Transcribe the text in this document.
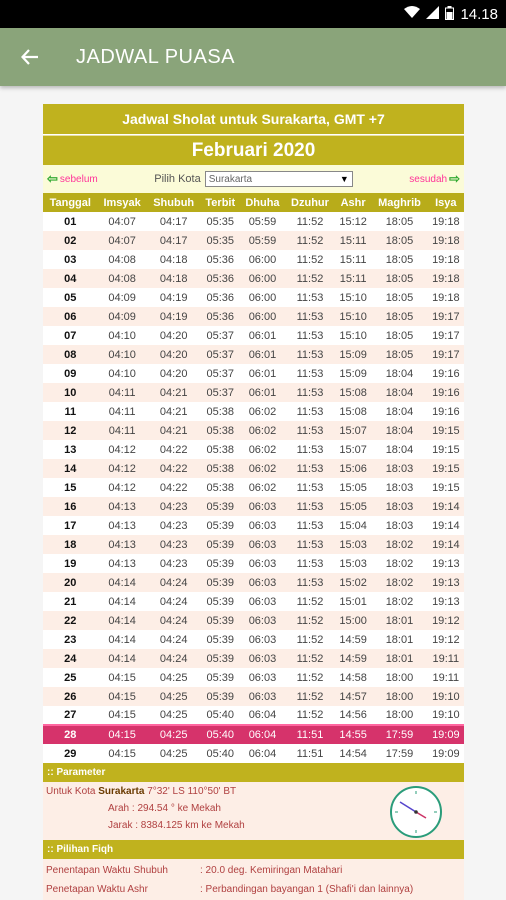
14.18
JADWAL PUASA
Jadwal Sholat untuk Surakarta, GMT +7
Februari 2020
⇦ sebelum	Pilih Kota Surakarta	▼	sesudah ⇨
Tanggal	Imsyak	Shubuh	Terbit	Dhuha	Dzuhur	Ashr	Maghrib	Isya
01	04:07	04:17	05:35	05:59	11:52	15:12	18:05	19:18
02	04:07	04:17	05:35	05:59	11:52	15:11	18:05	19:18
03	04:08	04:18	05:36	06:00	11:52	15:11	18:05	19:18
04	04:08	04:18	05:36	06:00	11:52	15:11	18:05	19:18
05	04:09	04:19	05:36	06:00	11:53	15:10	18:05	19:18
06	04:09	04:19	05:36	06:00	11:53	15:10	18:05	19:17
07	04:10	04:20	05:37	06:01	11:53	15:10	18:05	19:17
08	04:10	04:20	05:37	06:01	11:53	15:09	18:05	19:17
09	04:10	04:20	05:37	06:01	11:53	15:09	18:04	19:16
10	04:11	04:21	05:37	06:01	11:53	15:08	18:04	19:16
11	04:11	04:21	05:38	06:02	11:53	15:08	18:04	19:16
12	04:11	04:21	05:38	06:02	11:53	15:07	18:04	19:15
13	04:12	04:22	05:38	06:02	11:53	15:07	18:04	19:15
14	04:12	04:22	05:38	06:02	11:53	15:06	18:03	19:15
15	04:12	04:22	05:38	06:02	11:53	15:05	18:03	19:15
16	04:13	04:23	05:39	06:03	11:53	15:05	18:03	19:14
17	04:13	04:23	05:39	06:03	11:53	15:04	18:03	19:14
18	04:13	04:23	05:39	06:03	11:53	15:03	18:02	19:14
19	04:13	04:23	05:39	06:03	11:53	15:03	18:02	19:13
20	04:14	04:24	05:39	06:03	11:53	15:02	18:02	19:13
21	04:14	04:24	05:39	06:03	11:52	15:01	18:02	19:13
22	04:14	04:24	05:39	06:03	11:52	15:00	18:01	19:12
23	04:14	04:24	05:39	06:03	11:52	14:59	18:01	19:12
24	04:14	04:24	05:39	06:03	11:52	14:59	18:01	19:11
25	04:15	04:25	05:39	06:03	11:52	14:58	18:00	19:11
26	04:15	04:25	05:39	06:03	11:52	14:57	18:00	19:10
27	04:15	04:25	05:40	06:04	11:52	14:56	18:00	19:10
28	04:15	04:25	05:40	06:04	11:51	14:55	17:59	19:09
29	04:15	04:25	05:40	06:04	11:51	14:54	17:59	19:09
:: Parameter
Untuk Kota Surakarta 7°32' LS 110°50' BT
Arah : 294.54 ° ke Mekah
Jarak : 8384.125 km ke Mekah
:: Pilihan Fiqh
Penentapan Waktu Shubuh	: 20.0 deg. Kemiringan Matahari
Penetapan Waktu Ashr	: Perbandingan bayangan 1 (Shafi'i dan lainnya)
